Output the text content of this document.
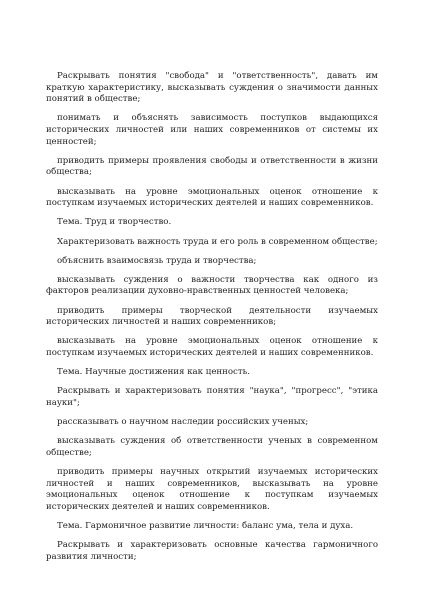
Раскрывать понятия "свобода" и "ответственность", давать им краткую характеристику, высказывать суждения о значимости данных понятий в обществе;

понимать и объяснять зависимость поступков выдающихся исторических личностей или наших современников от системы их ценностей;

приводить примеры проявления свободы и ответственности в жизни общества;

высказывать на уровне эмоциональных оценок отношение к поступкам изучаемых исторических деятелей и наших современников.

Тема. Труд и творчество.

Характеризовать важность труда и его роль в современном обществе;

объяснить взаимосвязь труда и творчества;

высказывать суждения о важности творчества как одного из факторов реализации духовно-нравственных ценностей человека;

приводить примеры творческой деятельности изучаемых исторических личностей и наших современников;

высказывать на уровне эмоциональных оценок отношение к поступкам изучаемых исторических деятелей и наших современников.

Тема. Научные достижения как ценность.

Раскрывать и характеризовать понятия "наука", "прогресс", "этика науки";

рассказывать о научном наследии российских ученых;

высказывать суждения об ответственности ученых в современном обществе;

приводить примеры научных открытий изучаемых исторических личностей и наших современников, высказывать на уровне эмоциональных оценок отношение к поступкам изучаемых исторических деятелей и наших современников.

Тема. Гармоничное развитие личности: баланс ума, тела и духа.

Раскрывать и характеризовать основные качества гармоничного развития личности;
